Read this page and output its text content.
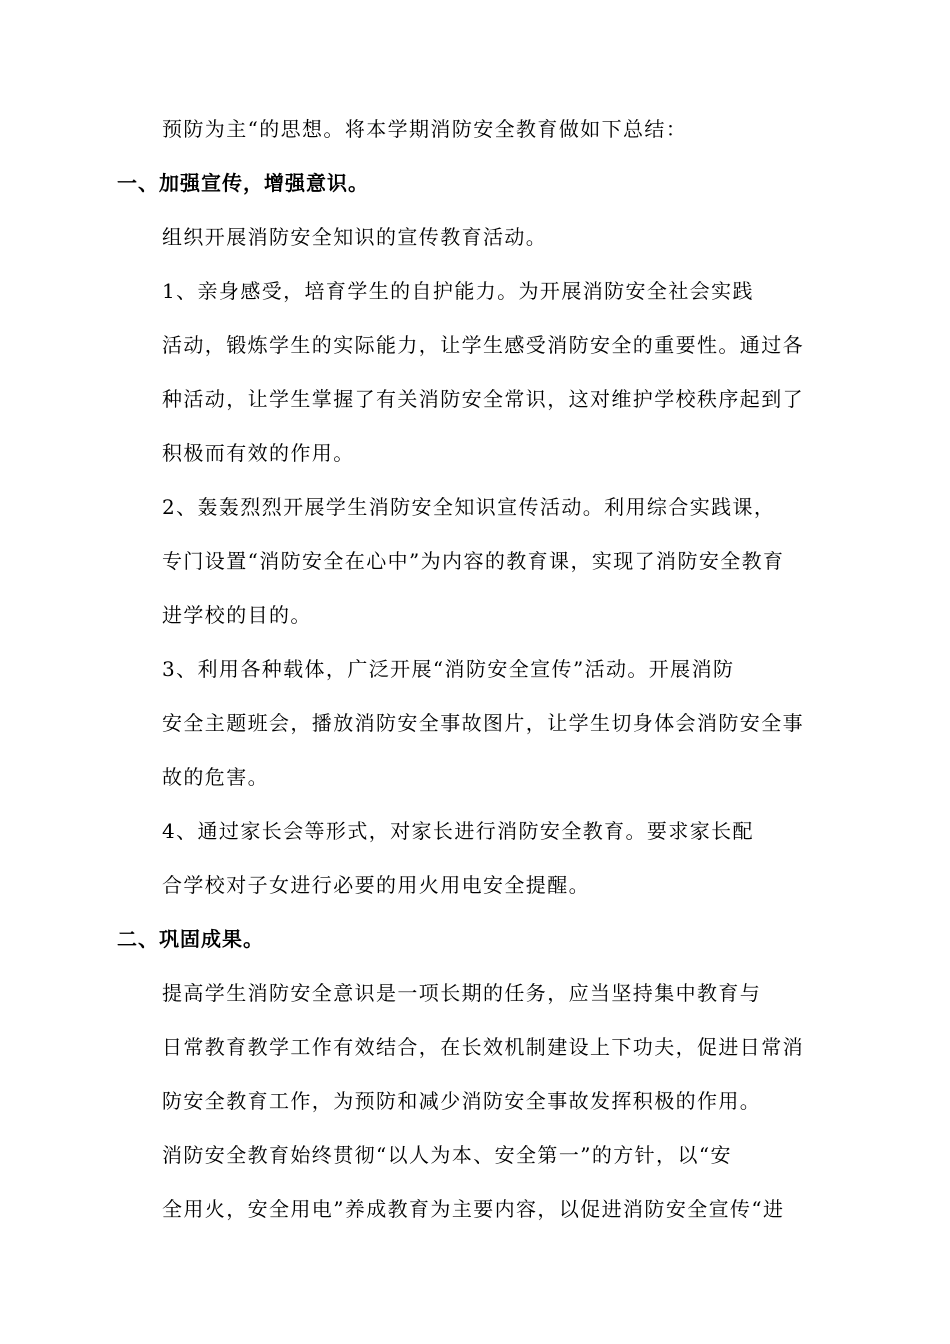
预防为主“的思想。将本学期消防安全教育做如下总结：
一、加强宣传，增强意识。
组织开展消防安全知识的宣传教育活动。
1、亲身感受，培育学生的自护能力。为开展消防安全社会实践
活动，锻炼学生的实际能力，让学生感受消防安全的重要性。通过各
种活动，让学生掌握了有关消防安全常识，这对维护学校秩序起到了
积极而有效的作用。
2、轰轰烈烈开展学生消防安全知识宣传活动。利用综合实践课，
专门设置“消防安全在心中”为内容的教育课，实现了消防安全教育
进学校的目的。
3、利用各种载体，广泛开展“消防安全宣传”活动。开展消防
安全主题班会，播放消防安全事故图片，让学生切身体会消防安全事
故的危害。
4、通过家长会等形式，对家长进行消防安全教育。要求家长配
合学校对子女进行必要的用火用电安全提醒。
二、巩固成果。
提高学生消防安全意识是一项长期的任务，应当坚持集中教育与
日常教育教学工作有效结合，在长效机制建设上下功夫，促进日常消
防安全教育工作，为预防和减少消防安全事故发挥积极的作用。
消防安全教育始终贯彻“以人为本、安全第一”的方针，以“安
全用火，安全用电”养成教育为主要内容，以促进消防安全宣传“进
